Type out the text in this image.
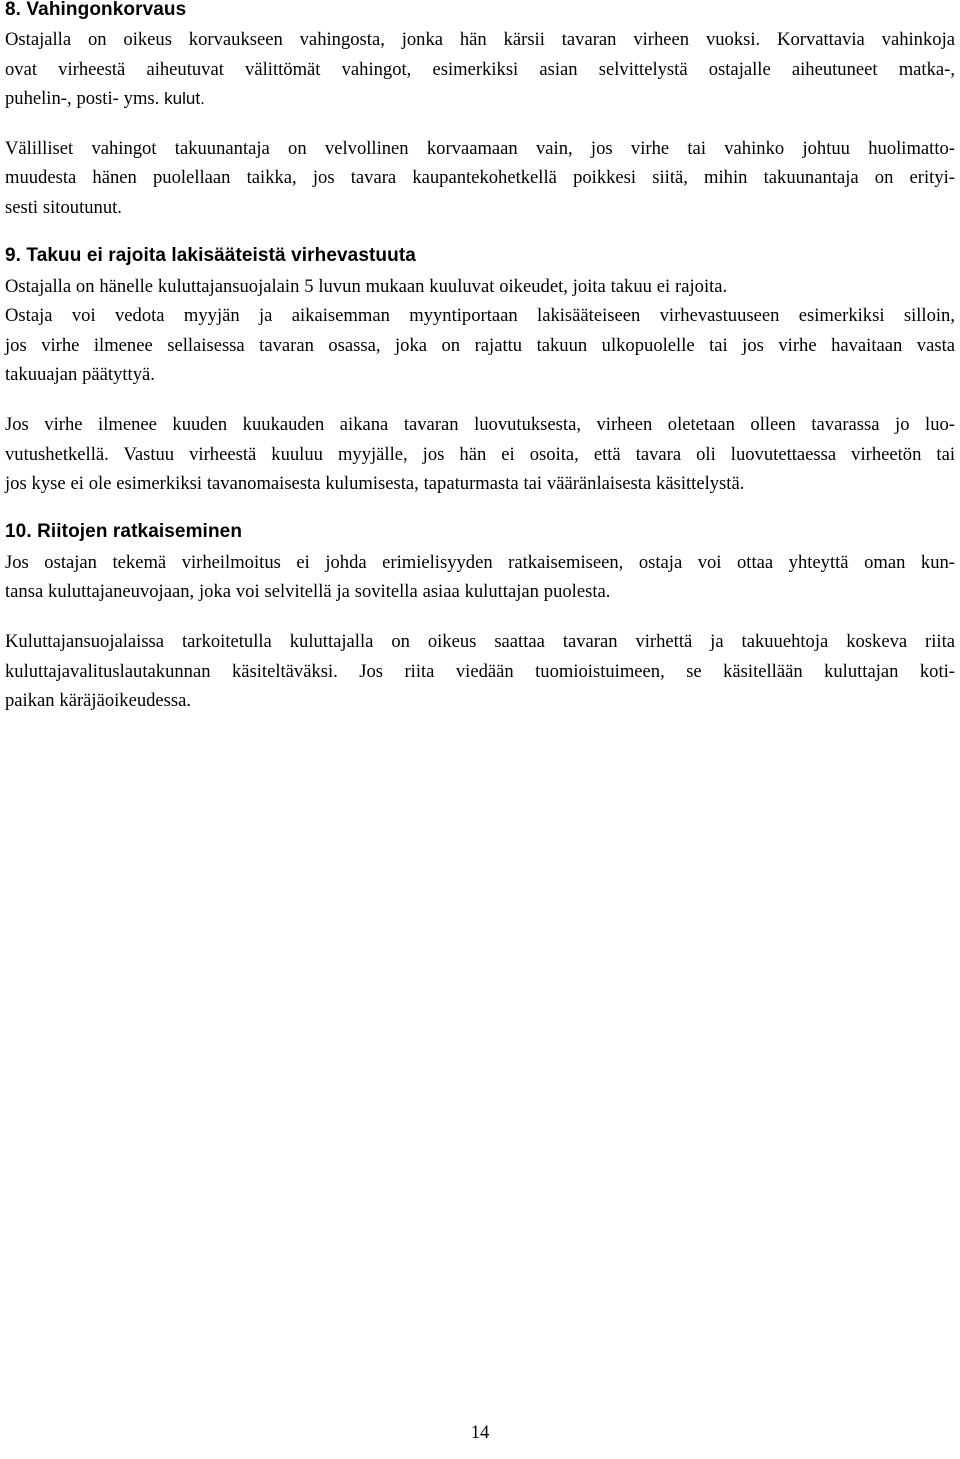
8. Vahingonkorvaus

Ostajalla on oikeus korvaukseen vahingosta, jonka hän kärsii tavaran virheen vuoksi. Korvattavia vahinkoja
ovat virheestä aiheutuvat välittömät vahingot, esimerkiksi asian selvittelystä ostajalle aiheutuneet matka-,
puhelin-, posti- yms. kulut.

Välilliset vahingot takuunantaja on velvollinen korvaamaan vain, jos virhe tai vahinko johtuu huolimatto-
muudesta hänen puolellaan taikka, jos tavara kaupantekohetkellä poikkesi siitä, mihin takuunantaja on erityi-
sesti sitoutunut.

9. Takuu ei rajoita lakisääteistä virhevastuuta

Ostajalla on hänelle kuluttajansuojalain 5 luvun mukaan kuuluvat oikeudet, joita takuu ei rajoita.

Ostaja voi vedota myyjän ja aikaisemman myyntiportaan lakisääteiseen virhevastuuseen esimerkiksi silloin,
jos virhe ilmenee sellaisessa tavaran osassa, joka on rajattu takuun ulkopuolelle tai jos virhe havaitaan vasta
takuuajan päätyttyä.

Jos virhe ilmenee kuuden kuukauden aikana tavaran luovutuksesta, virheen oletetaan olleen tavarassa jo luo-
vutushetkellä. Vastuu virheestä kuuluu myyjälle, jos hän ei osoita, että tavara oli luovutettaessa virheetön tai
jos kyse ei ole esimerkiksi tavanomaisesta kulumisesta, tapaturmasta tai vääränlaisesta käsittelystä.

10. Riitojen ratkaiseminen

Jos ostajan tekemä virheilmoitus ei johda erimielisyyden ratkaisemiseen, ostaja voi ottaa yhteyttä oman kun-
tansa kuluttajaneuvojaan, joka voi selvitellä ja sovitella asiaa kuluttajan puolesta.

Kuluttajansuojalaissa tarkoitetulla kuluttajalla on oikeus saattaa tavaran virhettä ja takuuehtoja koskeva riita
kuluttajavalituslautakunnan käsiteltäväksi. Jos riita viedään tuomioistuimeen, se käsitellään kuluttajan koti-
paikan käräjäoikeudessa.

14
